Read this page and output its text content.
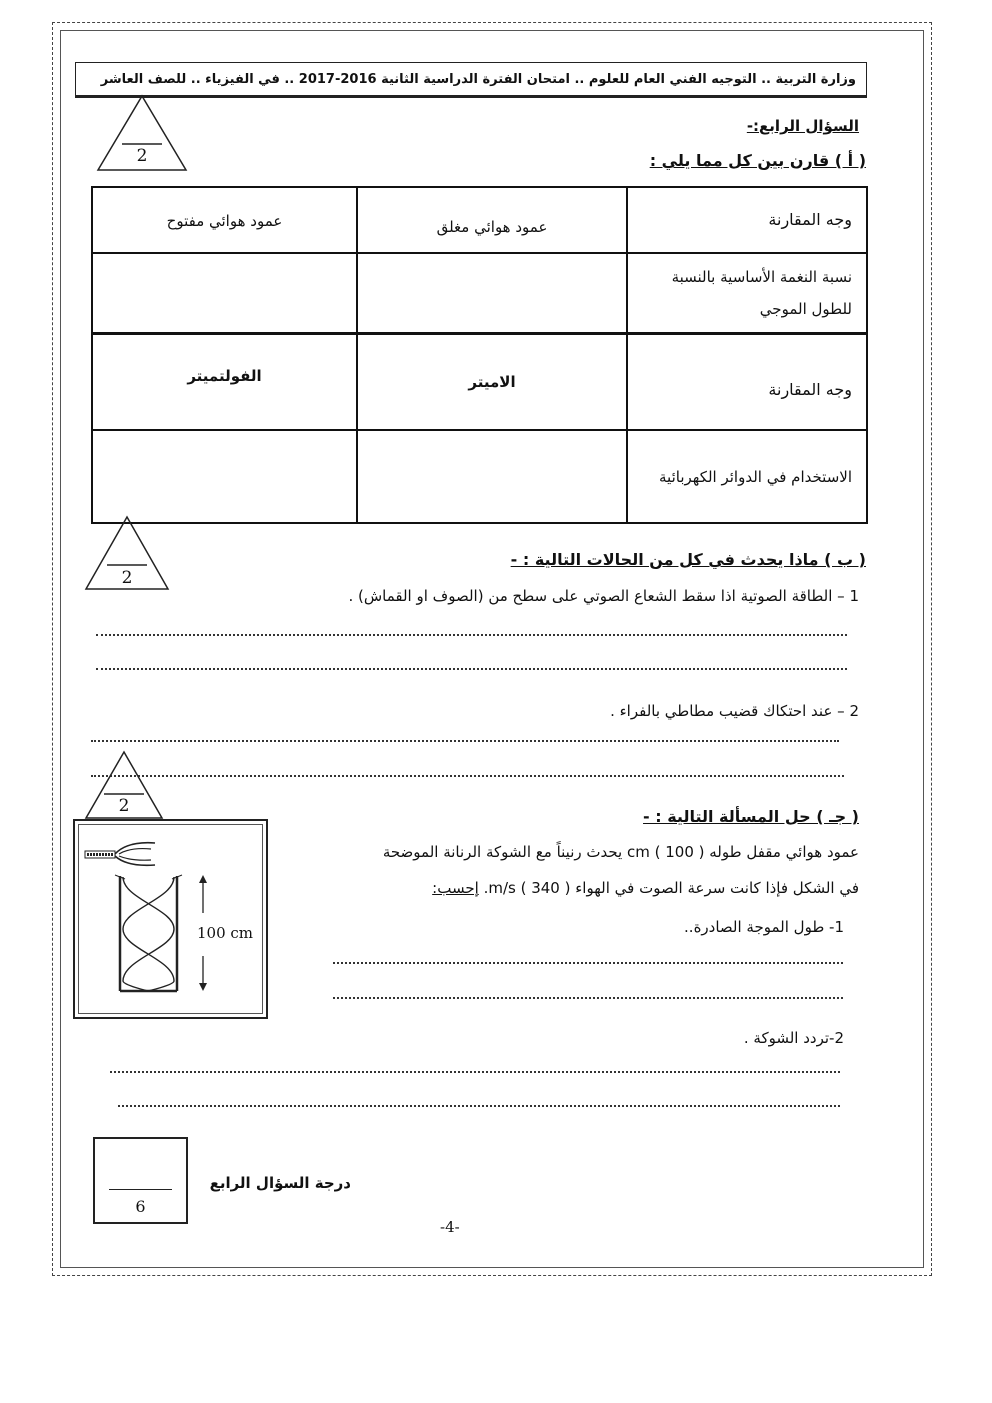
وزارة التربية .. التوجيه الفني العام للعلوم .. امتحان الفترة الدراسية الثانية 2016-2017 .. في الفيزياء .. للصف العاشر
2
السؤال الرابع:-
( أ ) قارن بين كل مما يلي :
وجه المقارنة	عمود هوائي مغلق	عمود هوائي مفتوح
نسبة النغمة الأساسية بالنسبة للطول الموجي		
وجه المقارنة	الاميتر	الفولتميتر
الاستخدام في الدوائر الكهربائية		
2
( ب ) ماذا يحدث في كل من الحالات التالية : -
1 – الطاقة الصوتية اذا سقط الشعاع الصوتي على سطح من (الصوف او القماش) .
2 – عند احتكاك قضيب مطاطي بالفراء .
2
( جـ ) حل المسألة التالية : -
عمود هوائي مقفل طوله cm ( 100 ) يحدث رنيناً مع الشوكة الرنانة الموضحة
في الشكل فإذا كانت سرعة الصوت في الهواء m/s ( 340 ). إحسب:
1- طول الموجة الصادرة..
2-تردد الشوكة .
100 cm
6
درجة السؤال الرابع
-4-
